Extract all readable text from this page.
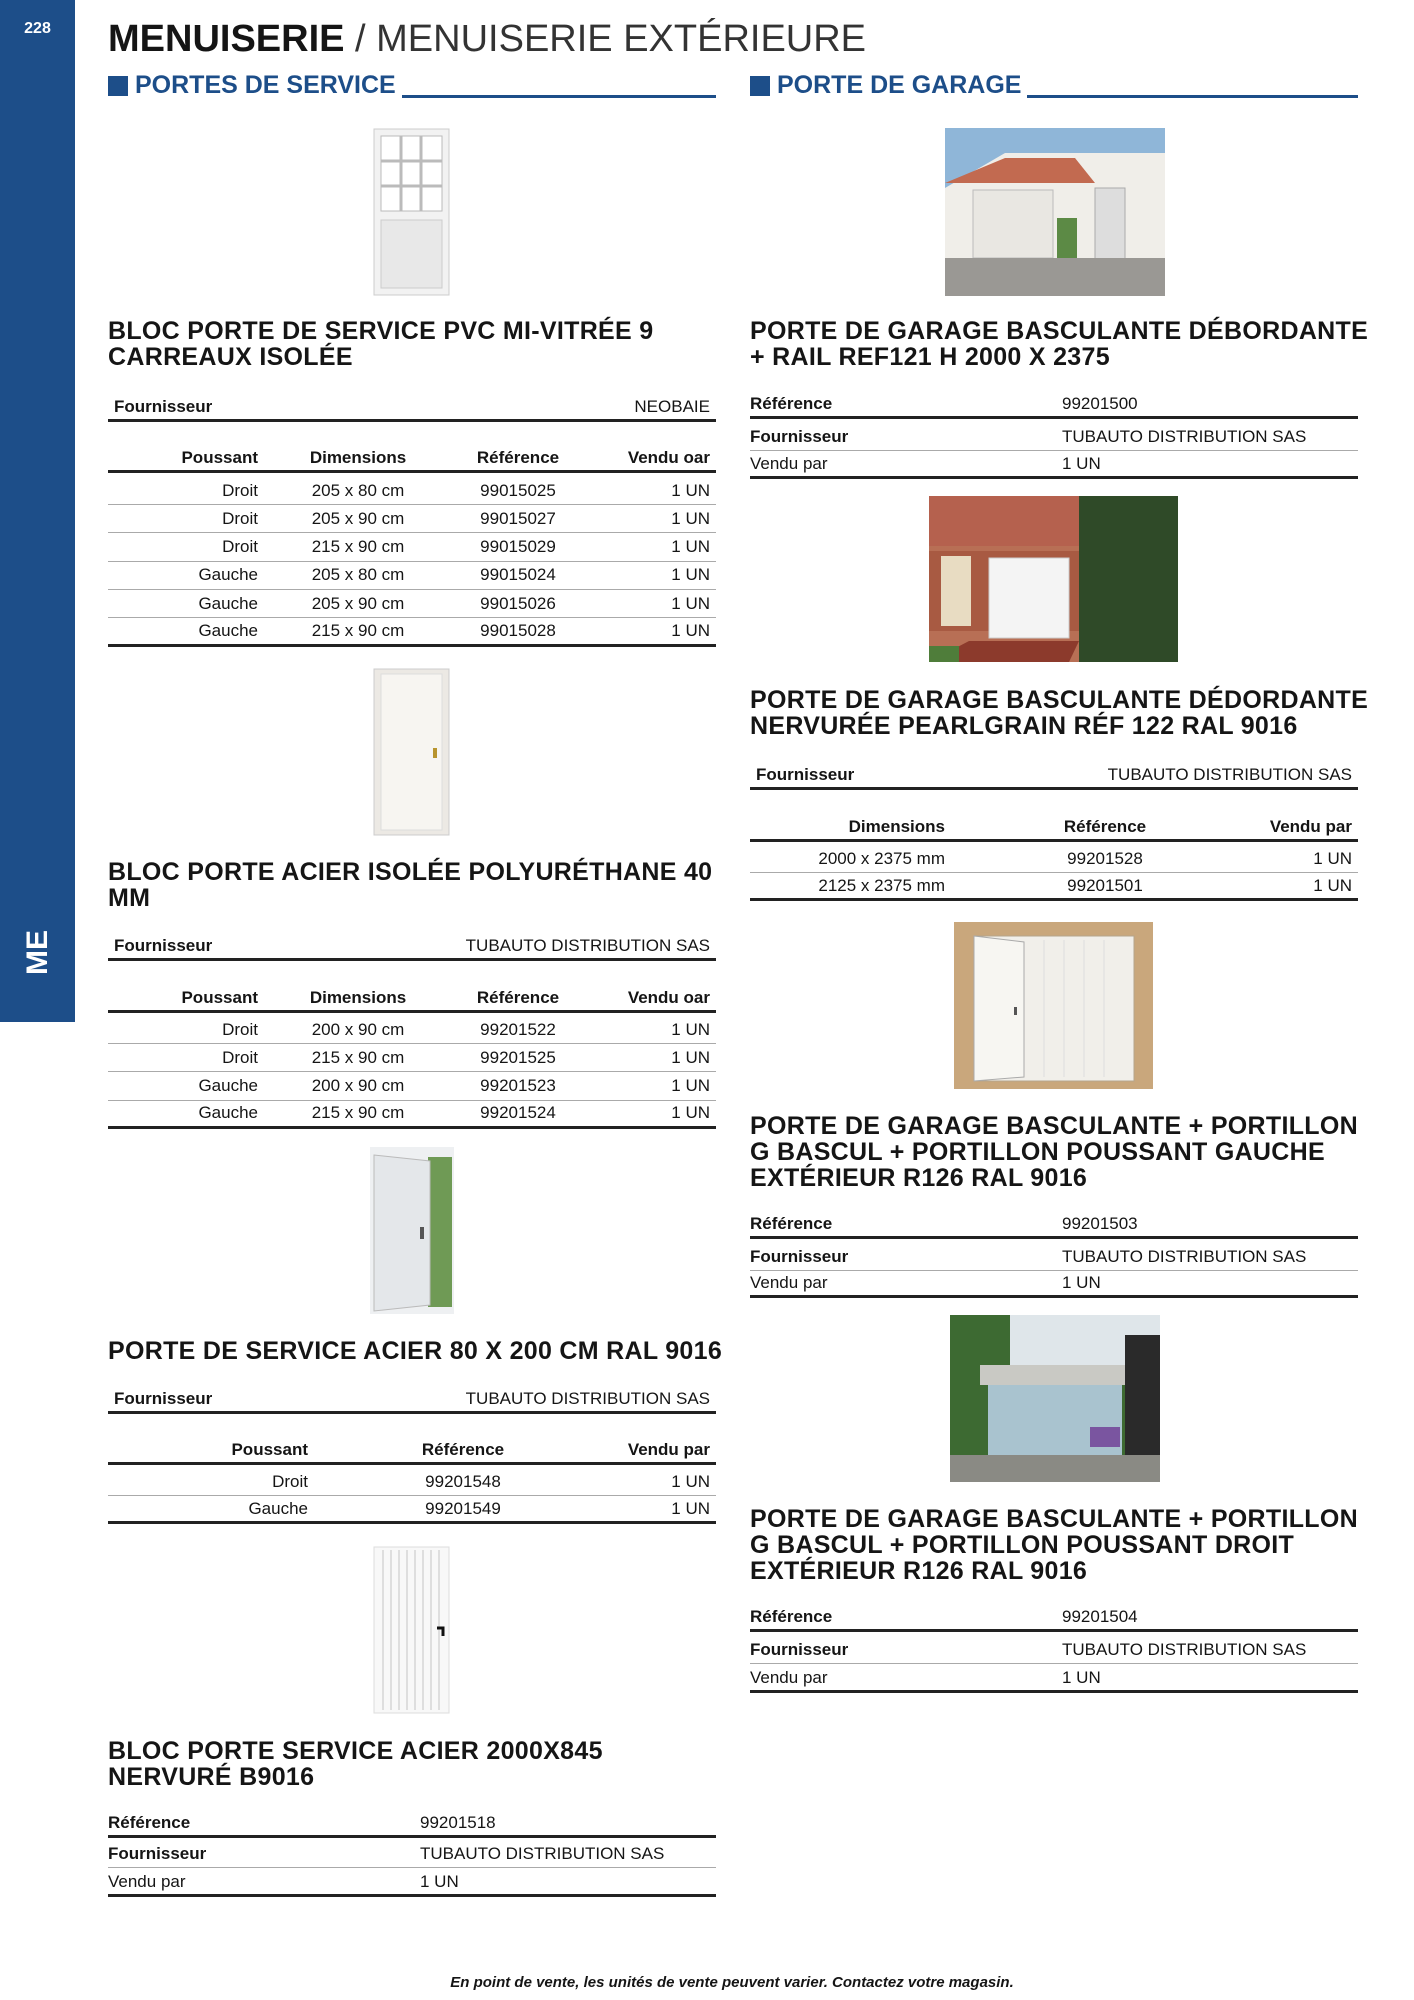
228
ME
MENUISERIE / MENUISERIE EXTÉRIEURE
PORTES DE SERVICE	PORTE DE GARAGE
BLOC PORTE DE SERVICE PVC MI-VITRÉE 9 CARREAUX ISOLÉE
Fournisseur	NEOBAIE
Poussant	Dimensions	Référence	Vendu oar
Droit	205 x 80 cm	99015025	1 UN
Droit	205 x 90 cm	99015027	1 UN
Droit	215 x 90 cm	99015029	1 UN
Gauche	205 x 80 cm	99015024	1 UN
Gauche	205 x 90 cm	99015026	1 UN
Gauche	215 x 90 cm	99015028	1 UN
BLOC PORTE ACIER ISOLÉE POLYURÉTHANE 40 MM
Fournisseur	TUBAUTO DISTRIBUTION SAS
Poussant	Dimensions	Référence	Vendu oar
Droit	200 x 90 cm	99201522	1 UN
Droit	215 x 90 cm	99201525	1 UN
Gauche	200 x 90 cm	99201523	1 UN
Gauche	215 x 90 cm	99201524	1 UN
PORTE DE SERVICE ACIER 80 X 200 CM RAL 9016
Fournisseur	TUBAUTO DISTRIBUTION SAS
Poussant	Référence	Vendu par
Droit	99201548	1 UN
Gauche	99201549	1 UN
BLOC PORTE SERVICE ACIER 2000X845 NERVURÉ B9016
Référence	99201518
Fournisseur	TUBAUTO DISTRIBUTION SAS
Vendu par	1 UN
PORTE DE GARAGE BASCULANTE DÉBORDANTE + RAIL REF121 H 2000 X 2375
Référence	99201500
Fournisseur	TUBAUTO DISTRIBUTION SAS
Vendu par	1 UN
PORTE DE GARAGE BASCULANTE DÉDORDANTE NERVURÉE PEARLGRAIN RÉF 122 RAL 9016
Fournisseur	TUBAUTO DISTRIBUTION SAS
Dimensions	Référence	Vendu par
2000 x 2375 mm	99201528	1 UN
2125 x 2375 mm	99201501	1 UN
PORTE DE GARAGE BASCULANTE + PORTILLON G BASCUL + PORTILLON POUSSANT GAUCHE EXTÉRIEUR R126 RAL 9016
Référence	99201503
Fournisseur	TUBAUTO DISTRIBUTION SAS
Vendu par	1 UN
PORTE DE GARAGE BASCULANTE + PORTILLON G BASCUL + PORTILLON POUSSANT DROIT EXTÉRIEUR R126 RAL 9016
Référence	99201504
Fournisseur	TUBAUTO DISTRIBUTION SAS
Vendu par	1 UN
En point de vente, les unités de vente peuvent varier. Contactez votre magasin.
